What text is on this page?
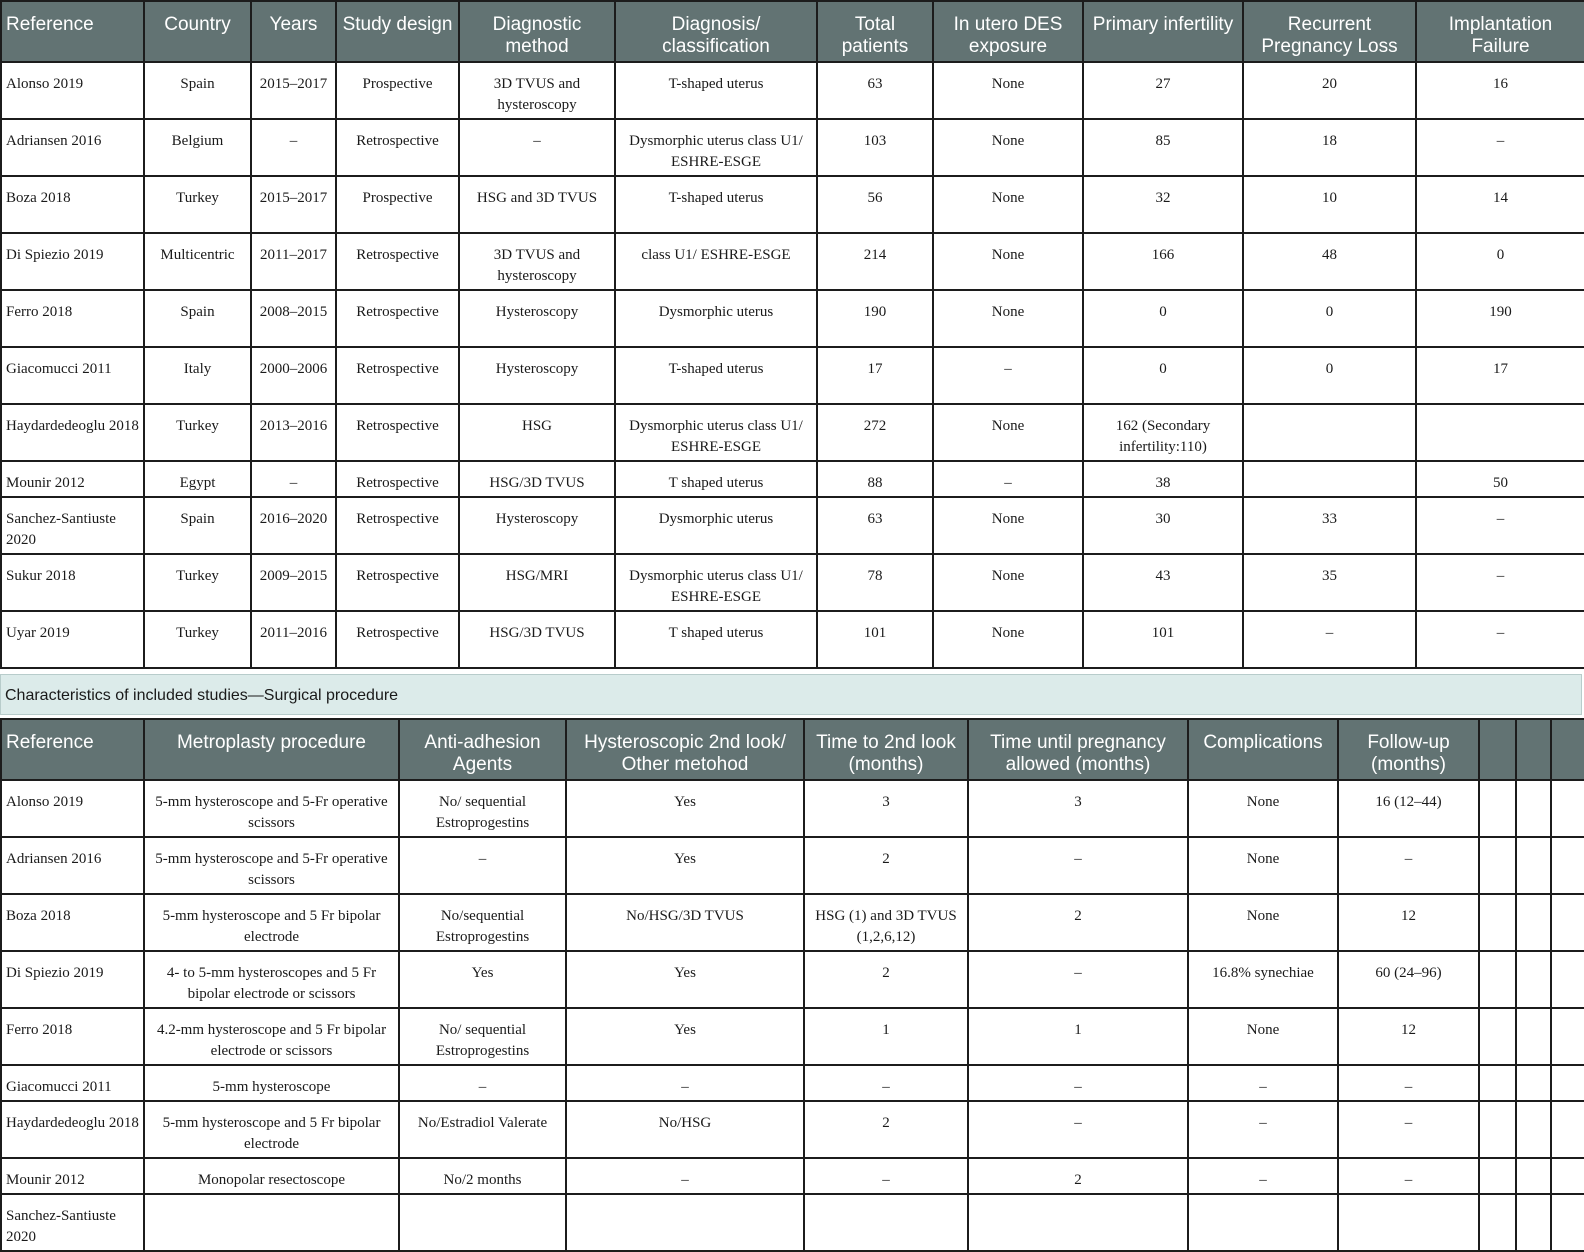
Reference	Country	Years	Study design	Diagnostic method	Diagnosis/ classification	Total patients	In utero DES exposure	Primary infertility	Recurrent Pregnancy Loss	Implantation Failure
Alonso 2019	Spain	2015–2017	Prospective	3D TVUS and hysteroscopy	T-shaped uterus	63	None	27	20	16
Adriansen 2016	Belgium	–	Retrospective	–	Dysmorphic uterus class U1/ ESHRE-ESGE	103	None	85	18	–
Boza 2018	Turkey	2015–2017	Prospective	HSG and 3D TVUS	T-shaped uterus	56	None	32	10	14
Di Spiezio 2019	Multicentric	2011–2017	Retrospective	3D TVUS and hysteroscopy	class U1/ ESHRE-ESGE	214	None	166	48	0
Ferro 2018	Spain	2008–2015	Retrospective	Hysteroscopy	Dysmorphic uterus	190	None	0	0	190
Giacomucci 2011	Italy	2000–2006	Retrospective	Hysteroscopy	T-shaped uterus	17	–	0	0	17
Haydardedeoglu 2018	Turkey	2013–2016	Retrospective	HSG	Dysmorphic uterus class U1/ ESHRE-ESGE	272	None	162 (Secondary infertility:110)		
Mounir 2012	Egypt	–	Retrospective	HSG/3D TVUS	T shaped uterus	88	–	38		50
Sanchez-Santiuste 2020	Spain	2016–2020	Retrospective	Hysteroscopy	Dysmorphic uterus	63	None	30	33	–
Sukur 2018	Turkey	2009–2015	Retrospective	HSG/MRI	Dysmorphic uterus class U1/ ESHRE-ESGE	78	None	43	35	–
Uyar 2019	Turkey	2011–2016	Retrospective	HSG/3D TVUS	T shaped uterus	101	None	101	–	–
Characteristics of included studies—Surgical procedure
Reference	Metroplasty procedure	Anti-adhesion Agents	Hysteroscopic 2nd look/ Other metohod	Time to 2nd look (months)	Time until pregnancy allowed (months)	Complications	Follow-up (months)			
Alonso 2019	5-mm hysteroscope and 5-Fr operative scissors	No/ sequential Estroprogestins	Yes	3	3	None	16 (12–44)			
Adriansen 2016	5-mm hysteroscope and 5-Fr operative scissors	–	Yes	2	–	None	–			
Boza 2018	5-mm hysteroscope and 5 Fr bipolar electrode	No/sequential Estroprogestins	No/HSG/3D TVUS	HSG (1) and 3D TVUS (1,2,6,12)	2	None	12			
Di Spiezio 2019	4- to 5-mm hysteroscopes and 5 Fr bipolar electrode or scissors	Yes	Yes	2	–	16.8% synechiae	60 (24–96)			
Ferro 2018	4.2-mm hysteroscope and 5 Fr bipolar electrode or scissors	No/ sequential Estroprogestins	Yes	1	1	None	12			
Giacomucci 2011	5-mm hysteroscope	–	–	–	–	–	–			
Haydardedeoglu 2018	5-mm hysteroscope and 5 Fr bipolar electrode	No/Estradiol Valerate	No/HSG	2	–	–	–			
Mounir 2012	Monopolar resectoscope	No/2 months	–	–	2	–	–			
Sanchez-Santiuste 2020										
